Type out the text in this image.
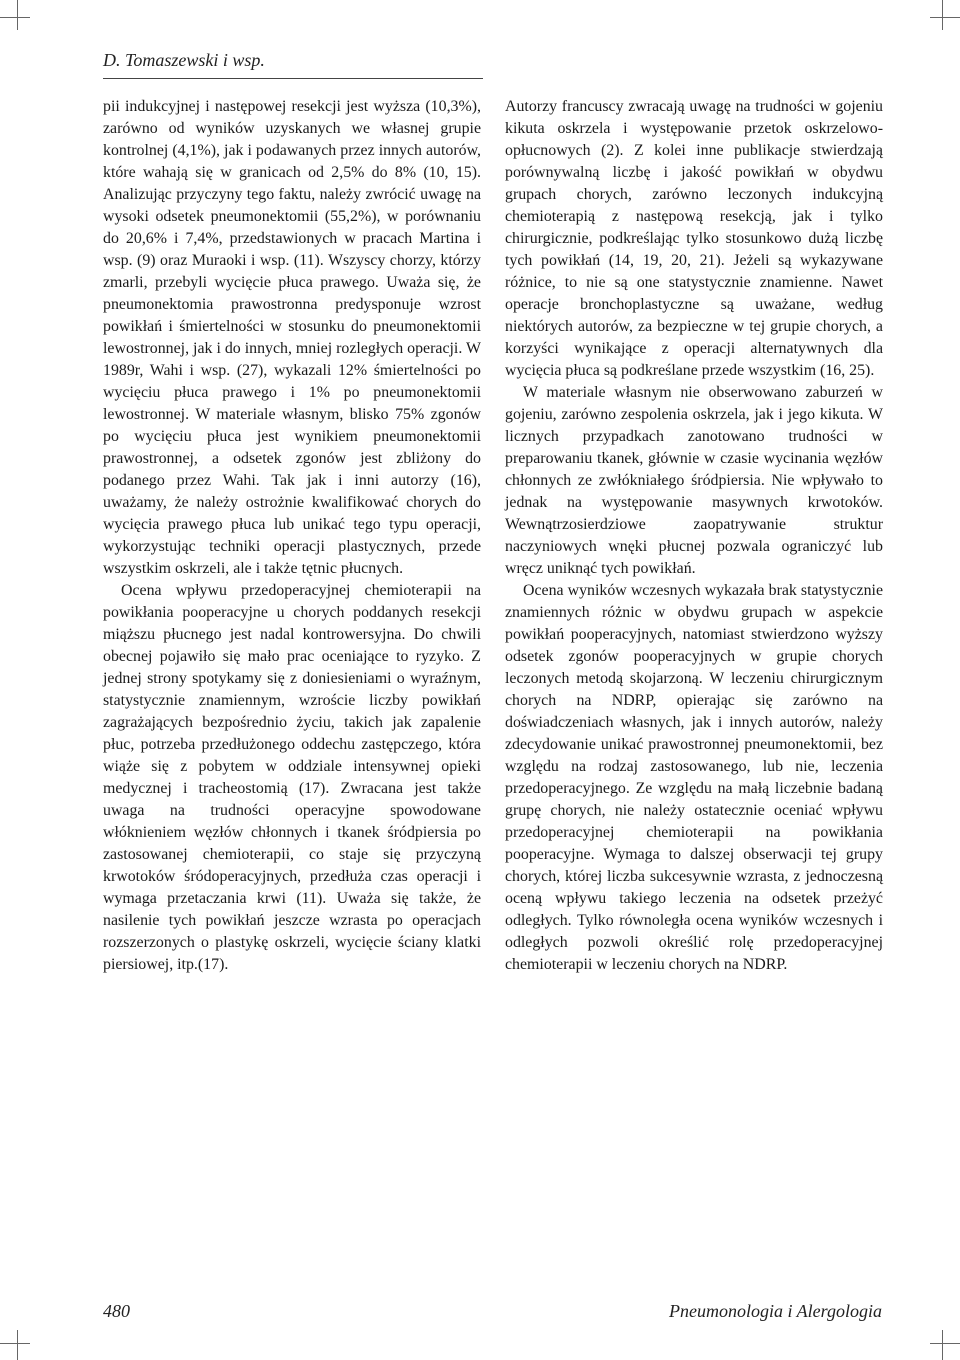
D. Tomaszewski i wsp.

pii indukcyjnej i następowej resekcji jest wyższa (10,3%), zarówno od wyników uzyskanych we własnej grupie kontrolnej (4,1%), jak i podawanych przez innych autorów, które wahają się w granicach od 2,5% do 8% (10, 15). Analizując przyczyny tego faktu, należy zwrócić uwagę na wysoki odsetek pneumonektomii (55,2%), w porównaniu do 20,6% i 7,4%, przedstawionych w pracach Martina i wsp. (9) oraz Muraoki i wsp. (11). Wszyscy chorzy, którzy zmarli, przebyli wycięcie płuca prawego. Uważa się, że pneumonektomia prawostronna predysponuje wzrost powikłań i śmiertelności w stosunku do pneumonektomii lewostronnej, jak i do innych, mniej rozległych operacji. W 1989r, Wahi i wsp. (27), wykazali 12% śmiertelności po wycięciu płuca prawego i 1% po pneumonektomii lewostronnej. W materiale własnym, blisko 75% zgonów po wycięciu płuca jest wynikiem pneumonektomii prawostronnej, a odsetek zgonów jest zbliżony do podanego przez Wahi. Tak jak i inni autorzy (16), uważamy, że należy ostrożnie kwalifikować chorych do wycięcia prawego płuca lub unikać tego typu operacji, wykorzystując techniki operacji plastycznych, przede wszystkim oskrzeli, ale i także tętnic płucnych.

Ocena wpływu przedoperacyjnej chemioterapii na powikłania pooperacyjne u chorych poddanych resekcji miąższu płucnego jest nadal kontrowersyjna. Do chwili obecnej pojawiło się mało prac oceniające to ryzyko. Z jednej strony spotykamy się z doniesieniami o wyraźnym, statystycznie znamiennym, wzroście liczby powikłań zagrażających bezpośrednio życiu, takich jak zapalenie płuc, potrzeba przedłużonego oddechu zastępczego, która wiąże się z pobytem w oddziale intensywnej opieki medycznej i tracheostomią (17). Zwracana jest także uwaga na trudności operacyjne spowodowane włóknieniem węzłów chłonnych i tkanek śródpiersia po zastosowanej chemioterapii, co staje się przyczyną krwotoków śródoperacyjnych, przedłuża czas operacji i wymaga przetaczania krwi (11). Uważa się także, że nasilenie tych powikłań jeszcze wzrasta po operacjach rozszerzonych o plastykę oskrzeli, wycięcie ściany klatki piersiowej, itp.(17).

Autorzy francuscy zwracają uwagę na trudności w gojeniu kikuta oskrzela i występowanie przetok oskrzelowo-opłucnowych (2). Z kolei inne publikacje stwierdzają porównywalną liczbę i jakość powikłań w obydwu grupach chorych, zarówno leczonych indukcyjną chemioterapią z następową resekcją, jak i tylko chirurgicznie, podkreślając tylko stosunkowo dużą liczbę tych powikłań (14, 19, 20, 21). Jeżeli są wykazywane różnice, to nie są one statystycznie znamienne. Nawet operacje bronchoplastyczne są uważane, według niektórych autorów, za bezpieczne w tej grupie chorych, a korzyści wynikające z operacji alternatywnych dla wycięcia płuca są podkreślane przede wszystkim (16, 25).

W materiale własnym nie obserwowano zaburzeń w gojeniu, zarówno zespolenia oskrzela, jak i jego kikuta. W licznych przypadkach zanotowano trudności w preparowaniu tkanek, głównie w czasie wycinania węzłów chłonnych ze zwłókniałego śródpiersia. Nie wpływało to jednak na występowanie masywnych krwotoków. Wewnątrzosierdziowe zaopatrywanie struktur naczyniowych wnęki płucnej pozwala ograniczyć lub wręcz uniknąć tych powikłań.

Ocena wyników wczesnych wykazała brak statystycznie znamiennych różnic w obydwu grupach w aspekcie powikłań pooperacyjnych, natomiast stwierdzono wyższy odsetek zgonów pooperacyjnych w grupie chorych leczonych metodą skojarzoną. W leczeniu chirurgicznym chorych na NDRP, opierając się zarówno na doświadczeniach własnych, jak i innych autorów, należy zdecydowanie unikać prawostronnej pneumonektomii, bez względu na rodzaj zastosowanego, lub nie, leczenia przedoperacyjnego. Ze względu na małą liczebnie badaną grupę chorych, nie należy ostatecznie oceniać wpływu przedoperacyjnej chemioterapii na powikłania pooperacyjne. Wymaga to dalszej obserwacji tej grupy chorych, której liczba sukcesywnie wzrasta, z jednoczesną oceną wpływu takiego leczenia na odsetek przeżyć odległych. Tylko równoległa ocena wyników wczesnych i odległych pozwoli określić rolę przedoperacyjnej chemioterapii w leczeniu chorych na NDRP.

480	Pneumonologia i Alergologia
